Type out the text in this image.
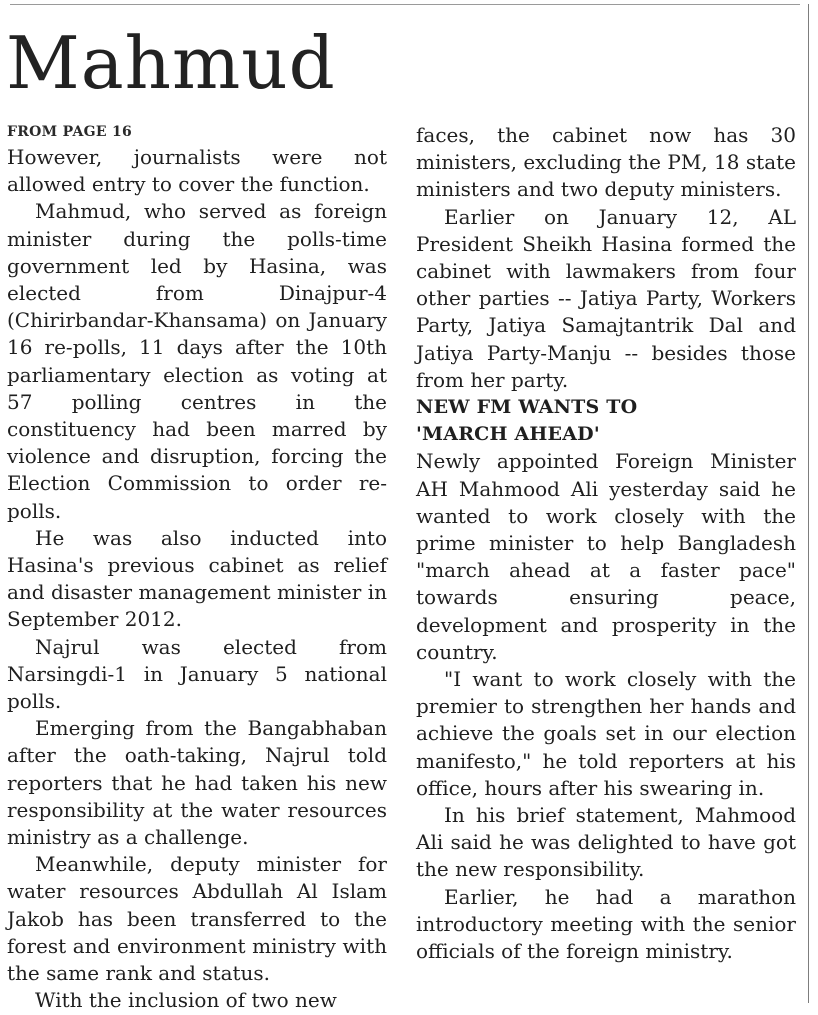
Mahmud
FROM PAGE 16

However, journalists were not allowed entry to cover the function.

Mahmud, who served as foreign minister during the polls-time government led by Hasina, was elected from Dinajpur-4 (Chirirbandar-Khansama) on January 16 re-polls, 11 days after the 10th parliamentary election as voting at 57 polling centres in the constituency had been marred by violence and disruption, forcing the Election Commission to order re-polls.

He was also inducted into Hasina's previous cabinet as relief and disaster management minister in September 2012.

Najrul was elected from Narsingdi-1 in January 5 national polls.

Emerging from the Bangabhaban after the oath-taking, Najrul told reporters that he had taken his new responsibility at the water resources ministry as a challenge.

Meanwhile, deputy minister for water resources Abdullah Al Islam Jakob has been transferred to the forest and environment ministry with the same rank and status.

With the inclusion of two new

faces, the cabinet now has 30 ministers, excluding the PM, 18 state ministers and two deputy ministers.

Earlier on January 12, AL President Sheikh Hasina formed the cabinet with lawmakers from four other parties -- Jatiya Party, Workers Party, Jatiya Samajtantrik Dal and Jatiya Party-Manju -- besides those from her party.

NEW FM WANTS TO
'MARCH AHEAD'

Newly appointed Foreign Minister AH Mahmood Ali yesterday said he wanted to work closely with the prime minister to help Bangladesh "march ahead at a faster pace" towards ensuring peace, development and prosperity in the country.

"I want to work closely with the premier to strengthen her hands and achieve the goals set in our election manifesto," he told reporters at his office, hours after his swearing in.

In his brief statement, Mahmood Ali said he was delighted to have got the new responsibility.

Earlier, he had a marathon introductory meeting with the senior officials of the foreign ministry.
